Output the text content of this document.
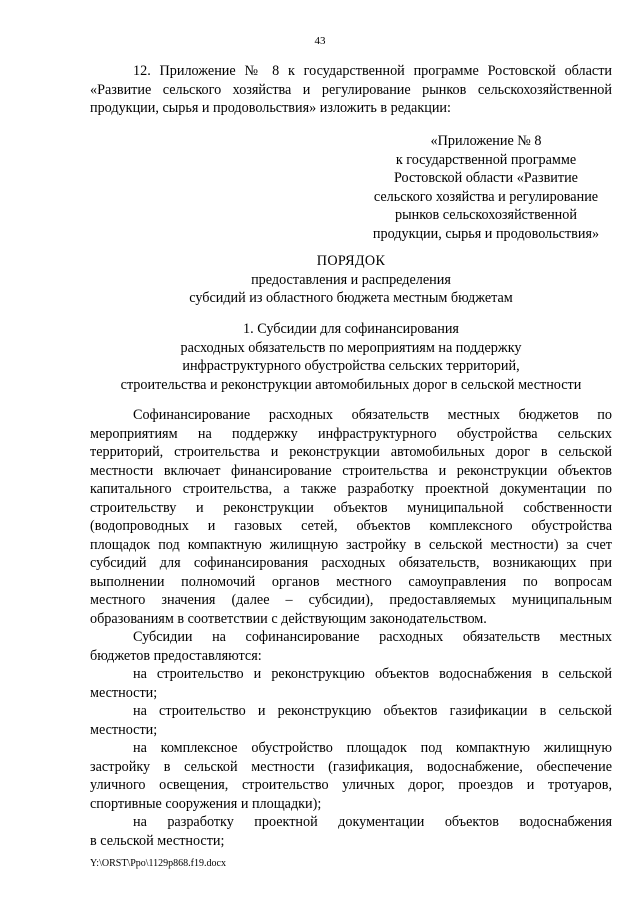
43
12. Приложение № 8 к государственной программе Ростовской области
«Развитие сельского хозяйства и регулирование рынков сельскохозяйственной
продукции, сырья и продовольствия» изложить в редакции:
«Приложение № 8
к государственной программе
Ростовской области «Развитие
сельского хозяйства и регулирование
рынков сельскохозяйственной
продукции, сырья и продовольствия»
ПОРЯДОК
предоставления и распределения
субсидий из областного бюджета местным бюджетам
1. Субсидии для софинансирования
расходных обязательств по мероприятиям на поддержку
инфраструктурного обустройства сельских территорий,
строительства и реконструкции автомобильных дорог в сельской местности

Софинансирование расходных обязательств местных бюджетов по
мероприятиям на поддержку инфраструктурного обустройства сельских
территорий, строительства и реконструкции автомобильных дорог в сельской
местности включает финансирование строительства и реконструкции объектов
капитального строительства, а также разработку проектной документации по
строительству и реконструкции объектов муниципальной собственности
(водопроводных и газовых сетей, объектов комплексного обустройства
площадок под компактную жилищную застройку в сельской местности) за счет
субсидий для софинансирования расходных обязательств, возникающих при
выполнении полномочий органов местного самоуправления по вопросам
местного значения (далее – субсидии), предоставляемых муниципальным
образованиям в соответствии с действующим законодательством.

Субсидии на софинансирование расходных обязательств местных
бюджетов предоставляются:

на строительство и реконструкцию объектов водоснабжения в сельской
местности;

на строительство и реконструкцию объектов газификации в сельской
местности;

на комплексное обустройство площадок под компактную жилищную
застройку в сельской местности (газификация, водоснабжение, обеспечение
уличного освещения, строительство уличных дорог, проездов и тротуаров,
спортивные сооружения и площадки);

на разработку проектной документации объектов водоснабжения
в сельской местности;

Y:\ORST\Ppo\1129p868.f19.docx
